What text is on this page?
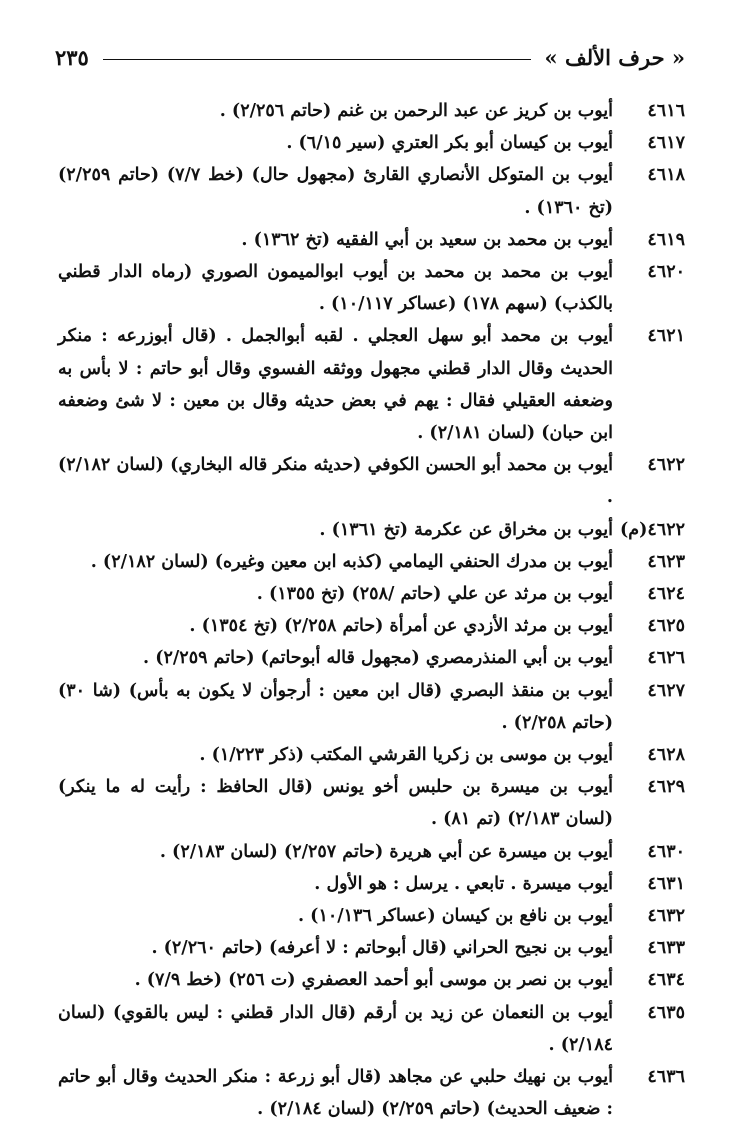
« حرف الألف »
٢٣٥
٤٦١٦
أيوب بن كريز عن عبد الرحمن بن غنم (حاتم ٢/٢٥٦) .
٤٦١٧
أيوب بن كيسان أبو بكر العتري (سير ٦/١٥) .
٤٦١٨
أيوب بن المتوكل الأنصاري القارئ (مجهول حال) (خط ٧/٧) (حاتم ٢/٢٥٩) (تخ ١٣٦٠) .
٤٦١٩
أيوب بن محمد بن سعيد بن أبي الفقيه (تخ ١٣٦٢) .
٤٦٢٠
أيوب بن محمد بن محمد بن أيوب ابوالميمون الصوري (رماه الدار قطني بالكذب) (سهم ١٧٨) (عساكر ١٠/١١٧) .
٤٦٢١
أيوب بن محمد أبو سهل العجلي . لقبه أبوالجمل . (قال أبوزرعه : منكر الحديث وقال الدار قطني مجهول ووثقه الفسوي وقال أبو حاتم : لا بأس به وضعفه العقيلي فقال : يهم في بعض حديثه وقال بن معين : لا شئ وضعفه ابن حبان) (لسان ٢/١٨١) .
٤٦٢٢
أيوب بن محمد أبو الحسن الكوفي (حديثه منكر قاله البخاري) (لسان ٢/١٨٢) .
٤٦٢٢(م)
أيوب بن مخراق عن عكرمة (تخ ١٣٦١) .
٤٦٢٣
أيوب بن مدرك الحنفي اليمامي (كذبه ابن معين وغيره) (لسان ٢/١٨٢) .
٤٦٢٤
أيوب بن مرثد عن علي (حاتم /٢٥٨) (تخ ١٣٥٥) .
٤٦٢٥
أيوب بن مرثد الأزدي عن أمرأة (حاتم ٢/٢٥٨) (تخ ١٣٥٤) .
٤٦٢٦
أيوب بن أبي المنذرمصري (مجهول قاله أبوحاتم) (حاتم ٢/٢٥٩) .
٤٦٢٧
أيوب بن منقذ البصري (قال ابن معين : أرجوأن لا يكون به بأس) (شا ٣٠) (حاتم ٢/٢٥٨) .
٤٦٢٨
أيوب بن موسى بن زكريا القرشي المكتب (ذكر ١/٢٢٣) .
٤٦٢٩
أيوب بن ميسرة بن حلبس أخو يونس (قال الحافظ : رأيت له ما ينكر) (لسان ٢/١٨٣) (تم ٨١) .
٤٦٣٠
أيوب بن ميسرة عن أبي هريرة (حاتم ٢/٢٥٧) (لسان ٢/١٨٣) .
٤٦٣١
أيوب ميسرة . تابعي . يرسل : هو الأول .
٤٦٣٢
أيوب بن نافع بن كيسان (عساكر ١٠/١٣٦) .
٤٦٣٣
أيوب بن نجيح الحراني (قال أبوحاتم : لا أعرفه) (حاتم ٢/٢٦٠) .
٤٦٣٤
أيوب بن نصر بن موسى أبو أحمد العصفري (ت ٢٥٦) (خط ٧/٩) .
٤٦٣٥
أيوب بن النعمان عن زيد بن أرقم (قال الدار قطني : ليس بالقوي) (لسان ٢/١٨٤) .
٤٦٣٦
أيوب بن نهيك حلبي عن مجاهد (قال أبو زرعة : منكر الحديث وقال أبو حاتم : ضعيف الحديث) (حاتم ٢/٢٥٩) (لسان ٢/١٨٤) .
